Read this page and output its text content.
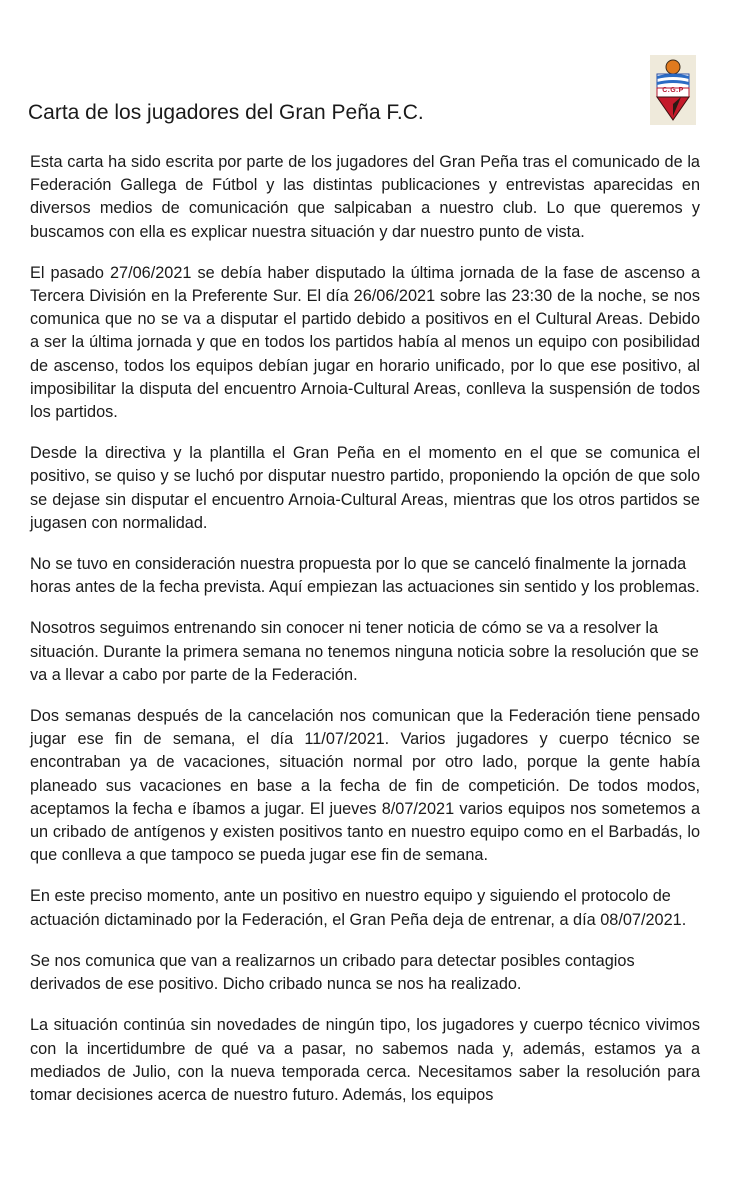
C.G.P
Carta de los jugadores del Gran Peña F.C.

Esta carta ha sido escrita por parte de los jugadores del Gran Peña tras el comunicado de la Federación Gallega de Fútbol y las distintas publicaciones y entrevistas aparecidas en diversos medios de comunicación que salpicaban a nuestro club. Lo que queremos y buscamos con ella es explicar nuestra situación y dar nuestro punto de vista.

El pasado 27/06/2021 se debía haber disputado la última jornada de la fase de ascenso a Tercera División en la Preferente Sur. El día 26/06/2021 sobre las 23:30 de la noche, se nos comunica que no se va a disputar el partido debido a positivos en el Cultural Areas. Debido a ser la última jornada y que en todos los partidos había al menos un equipo con posibilidad de ascenso, todos los equipos debían jugar en horario unificado, por lo que ese positivo, al imposibilitar la disputa del encuentro Arnoia-Cultural Areas, conlleva la suspensión de todos los partidos.

Desde la directiva y la plantilla el Gran Peña en el momento en el que se comunica el positivo, se quiso y se luchó por disputar nuestro partido, proponiendo la opción de que solo se dejase sin disputar el encuentro Arnoia-Cultural Areas, mientras que los otros partidos se jugasen con normalidad.

No se tuvo en consideración nuestra propuesta por lo que se canceló finalmente la jornada horas antes de la fecha prevista. Aquí empiezan las actuaciones sin sentido y los problemas.

Nosotros seguimos entrenando sin conocer ni tener noticia de cómo se va a resolver la situación. Durante la primera semana no tenemos ninguna noticia sobre la resolución que se va a llevar a cabo por parte de la Federación.

Dos semanas después de la cancelación nos comunican que la Federación tiene pensado jugar ese fin de semana, el día 11/07/2021. Varios jugadores y cuerpo técnico se encontraban ya de vacaciones, situación normal por otro lado, porque la gente había planeado sus vacaciones en base a la fecha de fin de competición. De todos modos, aceptamos la fecha e íbamos a jugar. El jueves 8/07/2021 varios equipos nos sometemos a un cribado de antígenos y existen positivos tanto en nuestro equipo como en el Barbadás, lo que conlleva a que tampoco se pueda jugar ese fin de semana.

En este preciso momento, ante un positivo en nuestro equipo y siguiendo el protocolo de actuación dictaminado por la Federación, el Gran Peña deja de entrenar, a día 08/07/2021.

Se nos comunica que van a realizarnos un cribado para detectar posibles contagios derivados de ese positivo. Dicho cribado nunca se nos ha realizado.

La situación continúa sin novedades de ningún tipo, los jugadores y cuerpo técnico vivimos con la incertidumbre de qué va a pasar, no sabemos nada y, además, estamos ya a mediados de Julio, con la nueva temporada cerca. Necesitamos saber la resolución para tomar decisiones acerca de nuestro futuro. Además, los equipos
